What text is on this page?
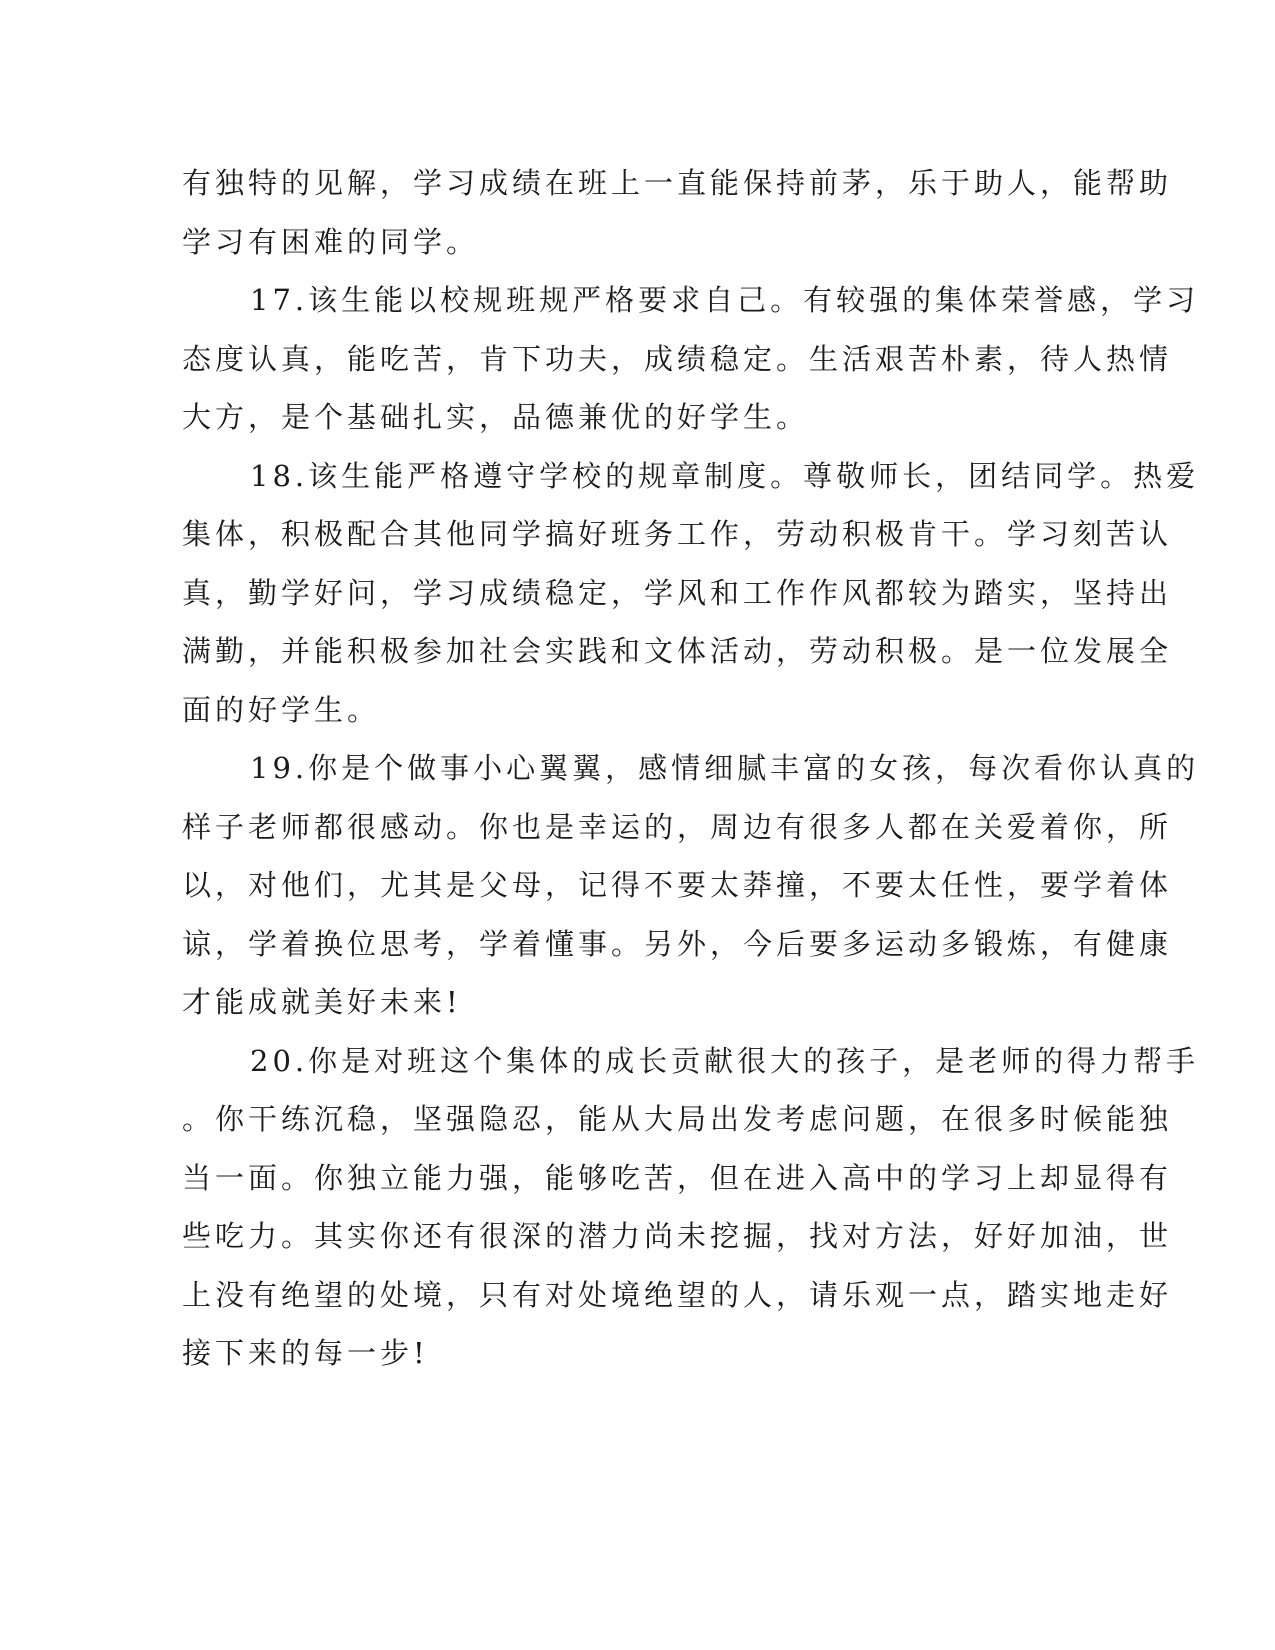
有独特的见解，学习成绩在班上一直能保持前茅，乐于助人，能帮助
学习有困难的同学。
17.该生能以校规班规严格要求自己。有较强的集体荣誉感，学习
态度认真，能吃苦，肯下功夫，成绩稳定。生活艰苦朴素，待人热情
大方，是个基础扎实，品德兼优的好学生。
18.该生能严格遵守学校的规章制度。尊敬师长，团结同学。热爱
集体，积极配合其他同学搞好班务工作，劳动积极肯干。学习刻苦认
真，勤学好问，学习成绩稳定，学风和工作作风都较为踏实，坚持出
满勤，并能积极参加社会实践和文体活动，劳动积极。是一位发展全
面的好学生。
19.你是个做事小心翼翼，感情细腻丰富的女孩，每次看你认真的
样子老师都很感动。你也是幸运的，周边有很多人都在关爱着你，所
以，对他们，尤其是父母，记得不要太莽撞，不要太任性，要学着体
谅，学着换位思考，学着懂事。另外，今后要多运动多锻炼，有健康
才能成就美好未来!
20.你是对班这个集体的成长贡献很大的孩子，是老师的得力帮手
。你干练沉稳，坚强隐忍，能从大局出发考虑问题，在很多时候能独
当一面。你独立能力强，能够吃苦，但在进入高中的学习上却显得有
些吃力。其实你还有很深的潜力尚未挖掘，找对方法，好好加油，世
上没有绝望的处境，只有对处境绝望的人，请乐观一点，踏实地走好
接下来的每一步!
